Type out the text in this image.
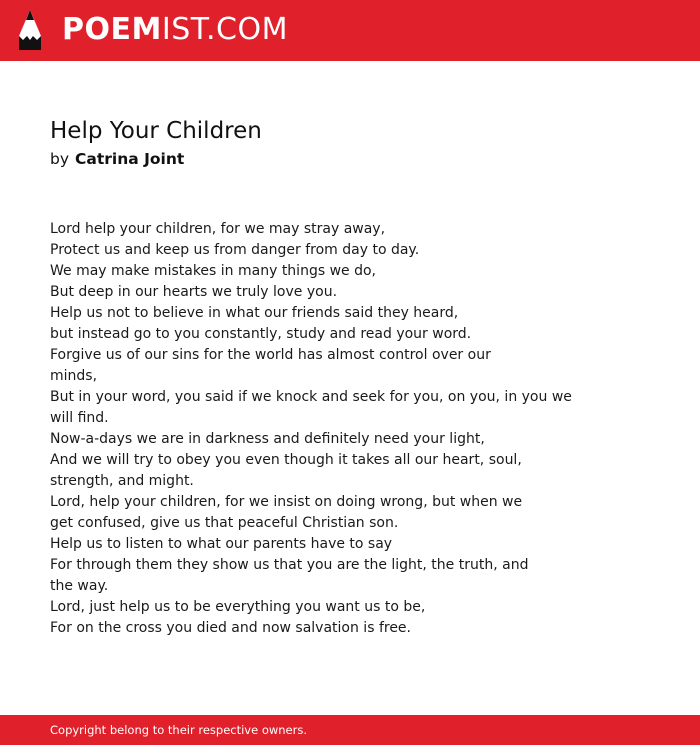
POEMIST.COM
Help Your Children
by Catrina Joint
Lord help your children, for we may stray away,
Protect us and keep us from danger from day to day.
We may make mistakes in many things we do,
But deep in our hearts we truly love you.
Help us not to believe in what our friends said they heard,
but instead go to you constantly, study and read your word.
Forgive us of our sins for the world has almost control over our
minds,
But in your word, you said if we knock and seek for you, on you, in you we
will find.
Now-a-days we are in darkness and definitely need your light,
And we will try to obey you even though it takes all our heart, soul,
strength, and might.
Lord, help your children, for we insist on doing wrong, but when we
get confused, give us that peaceful Christian son.
Help us to listen to what our parents have to say
For through them they show us that you are the light, the truth, and
the way.
Lord, just help us to be everything you want us to be,
For on the cross you died and now salvation is free.
Copyright belong to their respective owners.
